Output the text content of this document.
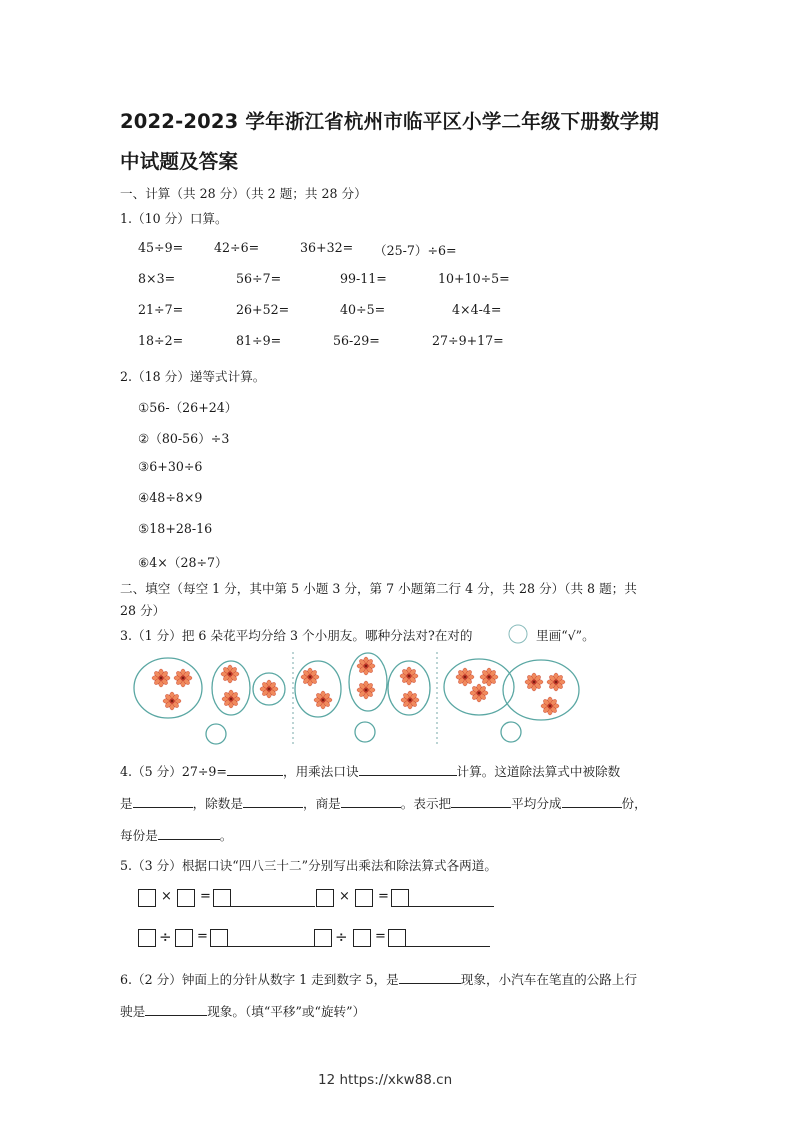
2022-2023 学年浙江省杭州市临平区小学二年级下册数学期
中试题及答案
一、计算（共 28 分）（共 2 题；共 28 分）
1.（10 分）口算。
45÷9= 42÷6=	36+32= （25-7）÷6=
8×3=	56÷7=	99-11=	10+10÷5=
21÷7=	26+52=	40÷5=	4×4-4=
18÷2=	81÷9=	56-29=	27÷9+17=
2.（18 分）递等式计算。
①56-（26+24）
②（80-56）÷3
③6+30÷6
④48÷8×9
⑤18+28-16
⑥4×（28÷7）
二、填空（每空 1 分，其中第 5 小题 3 分，第 7 小题第二行 4 分，共 28 分）（共 8 题；共
28 分）
3.（1 分）把 6 朵花平均分给 3 个小朋友。哪种分法对?在对的	里画“√”。
4.（5 分）27÷9=	，用乘法口诀	计算。这道除法算式中被除数
是	，除数是	，商是	。表示把	平均分成	份，
每份是	。
5.（3 分）根据口诀“四八三十二”分别写出乘法和除法算式各两道。
× =	× =
÷ =	÷ =
6.（2 分）钟面上的分针从数字 1 走到数字 5，是	现象，小汽车在笔直的公路上行
驶是	现象。（填“平移”或“旋转”）
12 https://xkw88.cn
